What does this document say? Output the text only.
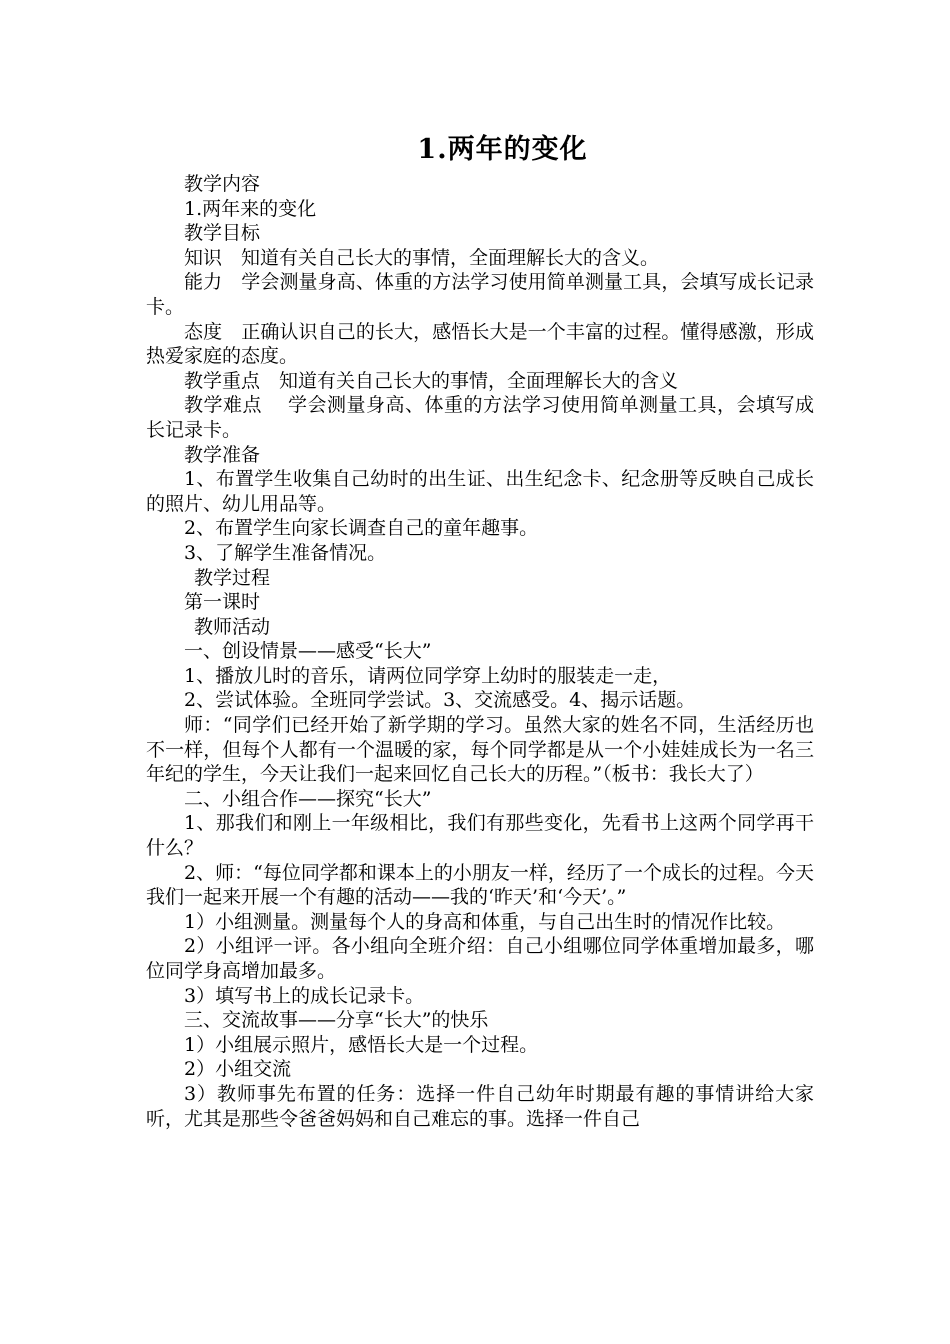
1.两年的变化

教学内容

1.两年来的变化

教学目标

知识　知道有关自己长大的事情，全面理解长大的含义。

能力　学会测量身高、体重的方法学习使用简单测量工具，会填写成长记录卡。

态度　正确认识自己的长大，感悟长大是一个丰富的过程。懂得感激，形成热爱家庭的态度。

教学重点　知道有关自己长大的事情，全面理解长大的含义

教学难点　 学会测量身高、体重的方法学习使用简单测量工具，会填写成长记录卡。

教学准备

1、布置学生收集自己幼时的出生证、出生纪念卡、纪念册等反映自己成长的照片、幼儿用品等。

2、布置学生向家长调查自己的童年趣事。

3、了解学生准备情况。

教学过程

第一课时

教师活动

一、创设情景——感受“长大”

1、播放儿时的音乐，请两位同学穿上幼时的服装走一走，

2、尝试体验。全班同学尝试。3、交流感受。4、揭示话题。

师：“同学们已经开始了新学期的学习。虽然大家的姓名不同，生活经历也不一样，但每个人都有一个温暖的家，每个同学都是从一个小娃娃成长为一名三年纪的学生，今天让我们一起来回忆自己长大的历程。”（板书：我长大了）

二、小组合作——探究“长大”

1、那我们和刚上一年级相比，我们有那些变化，先看书上这两个同学再干什么？

2、师：“每位同学都和课本上的小朋友一样，经历了一个成长的过程。今天我们一起来开展一个有趣的活动——我的‘昨天’和‘今天’。”

1）小组测量。测量每个人的身高和体重，与自己出生时的情况作比较。

2）小组评一评。各小组向全班介绍：自己小组哪位同学体重增加最多，哪位同学身高增加最多。

3）填写书上的成长记录卡。

三、交流故事——分享“长大”的快乐

1）小组展示照片，感悟长大是一个过程。

2）小组交流

3）教师事先布置的任务：选择一件自己幼年时期最有趣的事情讲给大家听，尤其是那些令爸爸妈妈和自己难忘的事。选择一件自己
